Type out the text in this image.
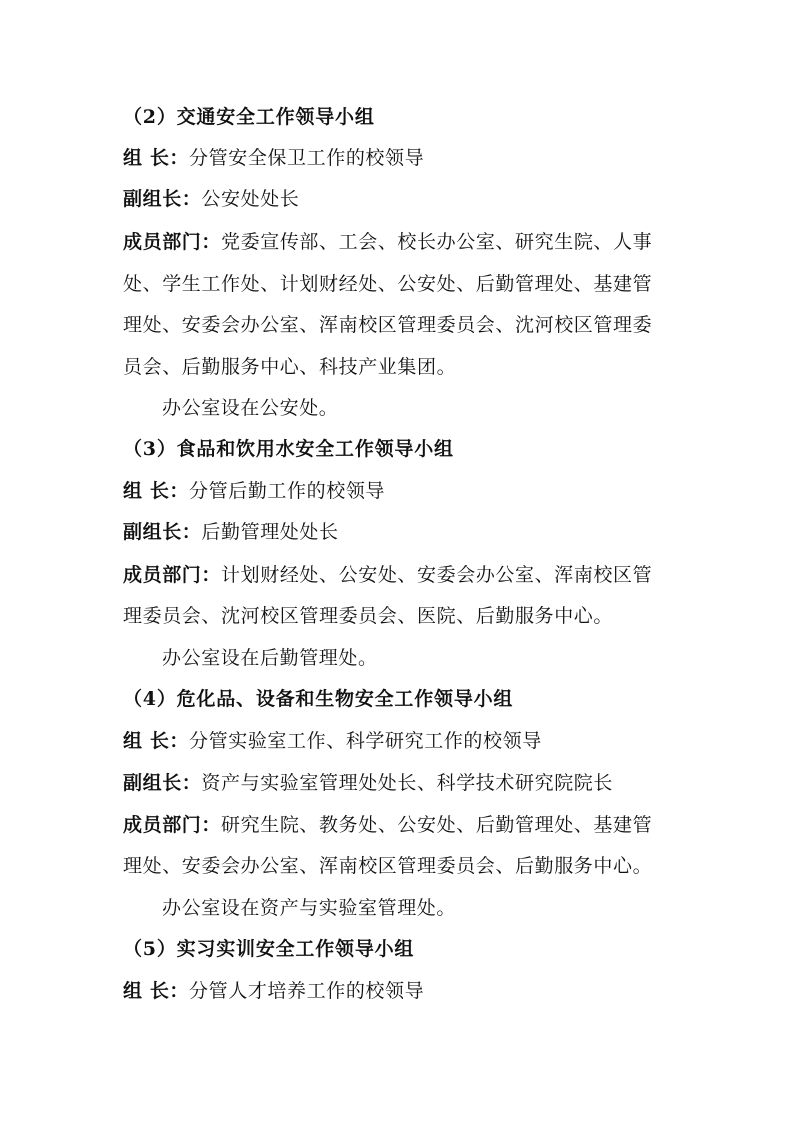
（2）交通安全工作领导小组
组 长：分管安全保卫工作的校领导
副组长：公安处处长
成员部门：党委宣传部、工会、校长办公室、研究生院、人事
处、学生工作处、计划财经处、公安处、后勤管理处、基建管
理处、安委会办公室、浑南校区管理委员会、沈河校区管理委
员会、后勤服务中心、科技产业集团。
办公室设在公安处。
（3）食品和饮用水安全工作领导小组
组 长：分管后勤工作的校领导
副组长：后勤管理处处长
成员部门：计划财经处、公安处、安委会办公室、浑南校区管
理委员会、沈河校区管理委员会、医院、后勤服务中心。
办公室设在后勤管理处。
（4）危化品、设备和生物安全工作领导小组
组 长：分管实验室工作、科学研究工作的校领导
副组长：资产与实验室管理处处长、科学技术研究院院长
成员部门：研究生院、教务处、公安处、后勤管理处、基建管
理处、安委会办公室、浑南校区管理委员会、后勤服务中心。
办公室设在资产与实验室管理处。
（5）实习实训安全工作领导小组
组 长：分管人才培养工作的校领导
